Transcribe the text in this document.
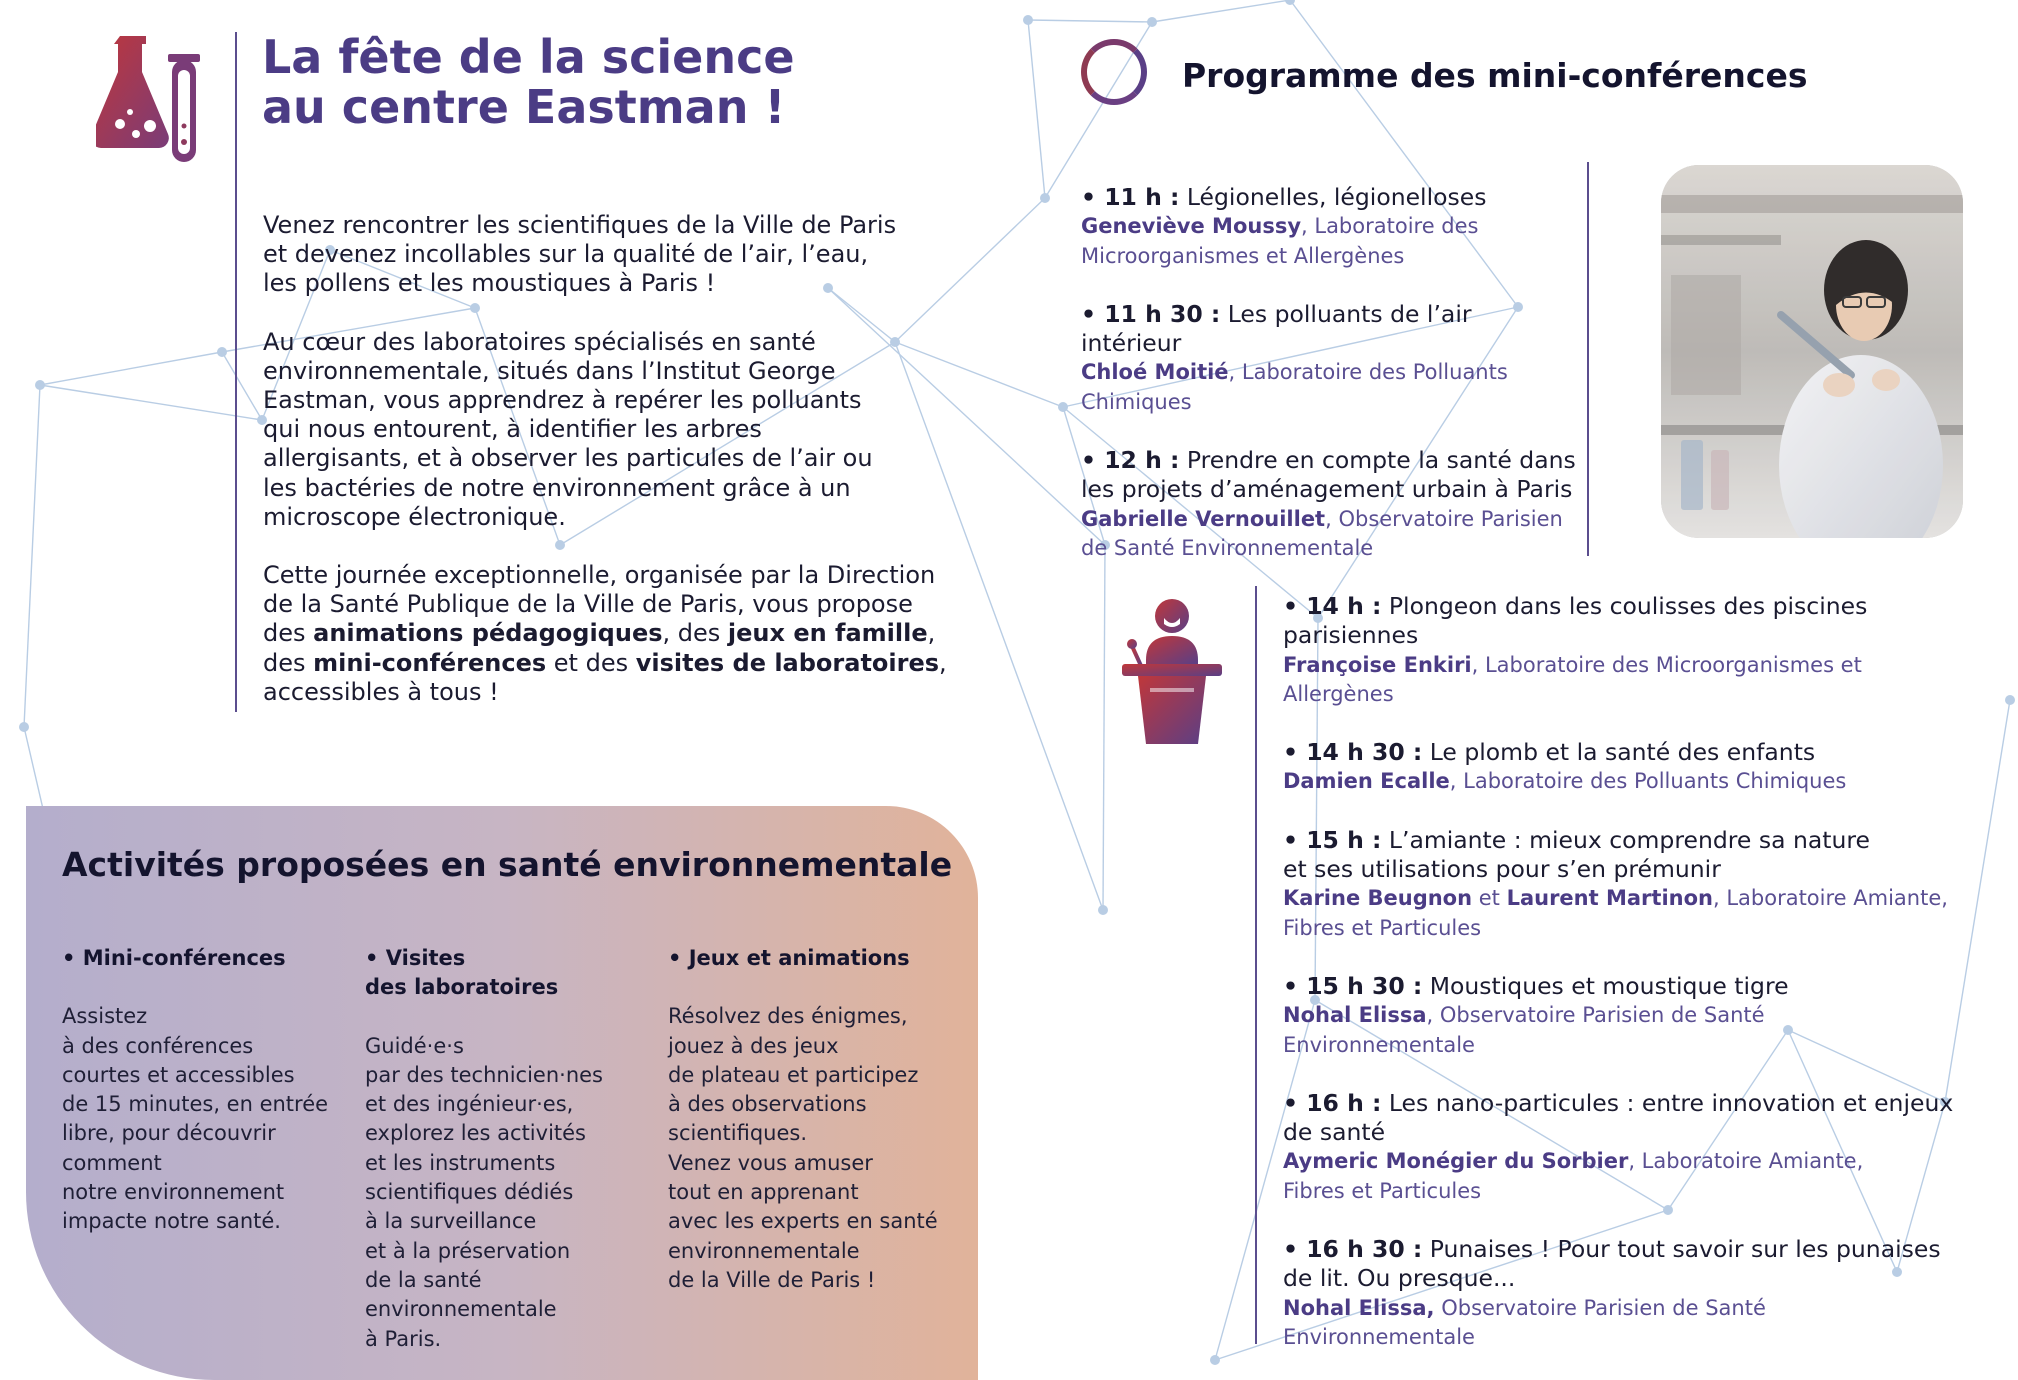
La fête de la science
au centre Eastman !

Venez rencontrer les scientifiques de la Ville de Paris et devenez incollables sur la qualité de l’air, l’eau, les pollens et les moustiques à Paris !

Au cœur des laboratoires spécialisés en santé environnementale, situés dans l’Institut George Eastman, vous apprendrez à repérer les polluants qui nous entourent, à identifier les arbres allergisants, et à observer les particules de l’air ou les bactéries de notre environnement grâce à un microscope électronique.

Cette journée exceptionnelle, organisée par la Direction de la Santé Publique de la Ville de Paris, vous propose des animations pédagogiques, des jeux en famille, des mini-conférences et des visites de laboratoires, accessibles à tous !

Activités proposées en santé environnementale
• Mini-conférences
Assistez
à des conférences
courtes et accessibles
de 15 minutes, en entrée
libre, pour découvrir
comment
notre environnement
impacte notre santé.
• Visites
des laboratoires
Guidé·e·s
par des technicien·nes
et des ingénieur·es,
explorez les activités
et les instruments
scientifiques dédiés
à la surveillance
et à la préservation
de la santé
environnementale
à Paris.
• Jeux et animations
Résolvez des énigmes,
jouez à des jeux
de plateau et participez
à des observations
scientifiques.
Venez vous amuser
tout en apprenant
avec les experts en santé
environnementale
de la Ville de Paris !
Programme des mini-conférences
• 11 h : Légionelles, légionelloses
Geneviève Moussy, Laboratoire des Microorganismes et Allergènes
• 11 h 30 : Les polluants de l’air intérieur
Chloé Moitié, Laboratoire des Polluants Chimiques
• 12 h : Prendre en compte la santé dans les projets d’aménagement urbain à Paris
Gabrielle Vernouillet, Observatoire Parisien de Santé Environnementale
• 14 h : Plongeon dans les coulisses des piscines parisiennes
Françoise Enkiri, Laboratoire des Microorganismes et Allergènes
• 14 h 30 : Le plomb et la santé des enfants
Damien Ecalle, Laboratoire des Polluants Chimiques
• 15 h : L’amiante : mieux comprendre sa nature et ses utilisations pour s’en prémunir
Karine Beugnon et Laurent Martinon, Laboratoire Amiante, Fibres et Particules
• 15 h 30 : Moustiques et moustique tigre
Nohal Elissa, Observatoire Parisien de Santé Environnementale
• 16 h : Les nano-particules : entre innovation et enjeux de santé
Aymeric Monégier du Sorbier, Laboratoire Amiante, Fibres et Particules
• 16 h 30 : Punaises ! Pour tout savoir sur les punaises de lit. Ou presque...
Nohal Elissa, Observatoire Parisien de Santé Environnementale
